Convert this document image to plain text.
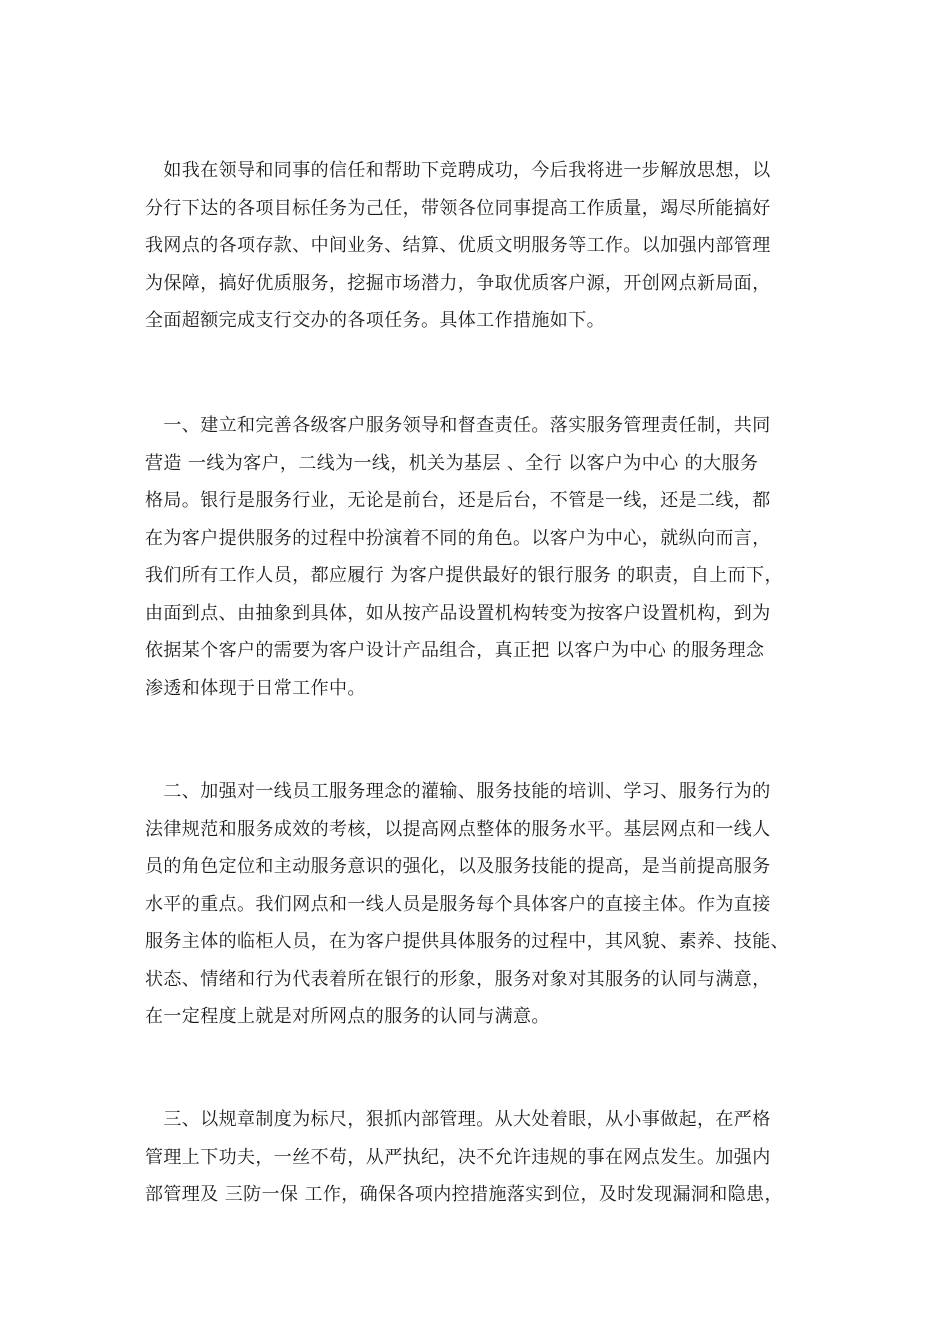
　如我在领导和同事的信任和帮助下竞聘成功，今后我将进一步解放思想，以
分行下达的各项目标任务为己任，带领各位同事提高工作质量，竭尽所能搞好
我网点的各项存款、中间业务、结算、优质文明服务等工作。以加强内部管理
为保障，搞好优质服务，挖掘市场潜力，争取优质客户源，开创网点新局面，
全面超额完成支行交办的各项任务。具体工作措施如下。
　一、建立和完善各级客户服务领导和督查责任。落实服务管理责任制，共同
营造 一线为客户，二线为一线，机关为基层 、全行 以客户为中心 的大服务
格局。银行是服务行业，无论是前台，还是后台，不管是一线，还是二线，都
在为客户提供服务的过程中扮演着不同的角色。以客户为中心，就纵向而言，
我们所有工作人员，都应履行 为客户提供最好的银行服务 的职责，自上而下，
由面到点、由抽象到具体，如从按产品设置机构转变为按客户设置机构，到为
依据某个客户的需要为客户设计产品组合，真正把 以客户为中心 的服务理念
渗透和体现于日常工作中。
　二、加强对一线员工服务理念的灌输、服务技能的培训、学习、服务行为的
法律规范和服务成效的考核，以提高网点整体的服务水平。基层网点和一线人
员的角色定位和主动服务意识的强化，以及服务技能的提高，是当前提高服务
水平的重点。我们网点和一线人员是服务每个具体客户的直接主体。作为直接
服务主体的临柜人员，在为客户提供具体服务的过程中，其风貌、素养、技能、
状态、情绪和行为代表着所在银行的形象，服务对象对其服务的认同与满意，
在一定程度上就是对所网点的服务的认同与满意。
　三、以规章制度为标尺，狠抓内部管理。从大处着眼，从小事做起，在严格
管理上下功夫，一丝不苟，从严执纪，决不允许违规的事在网点发生。加强内
部管理及 三防一保 工作，确保各项内控措施落实到位，及时发现漏洞和隐患，
